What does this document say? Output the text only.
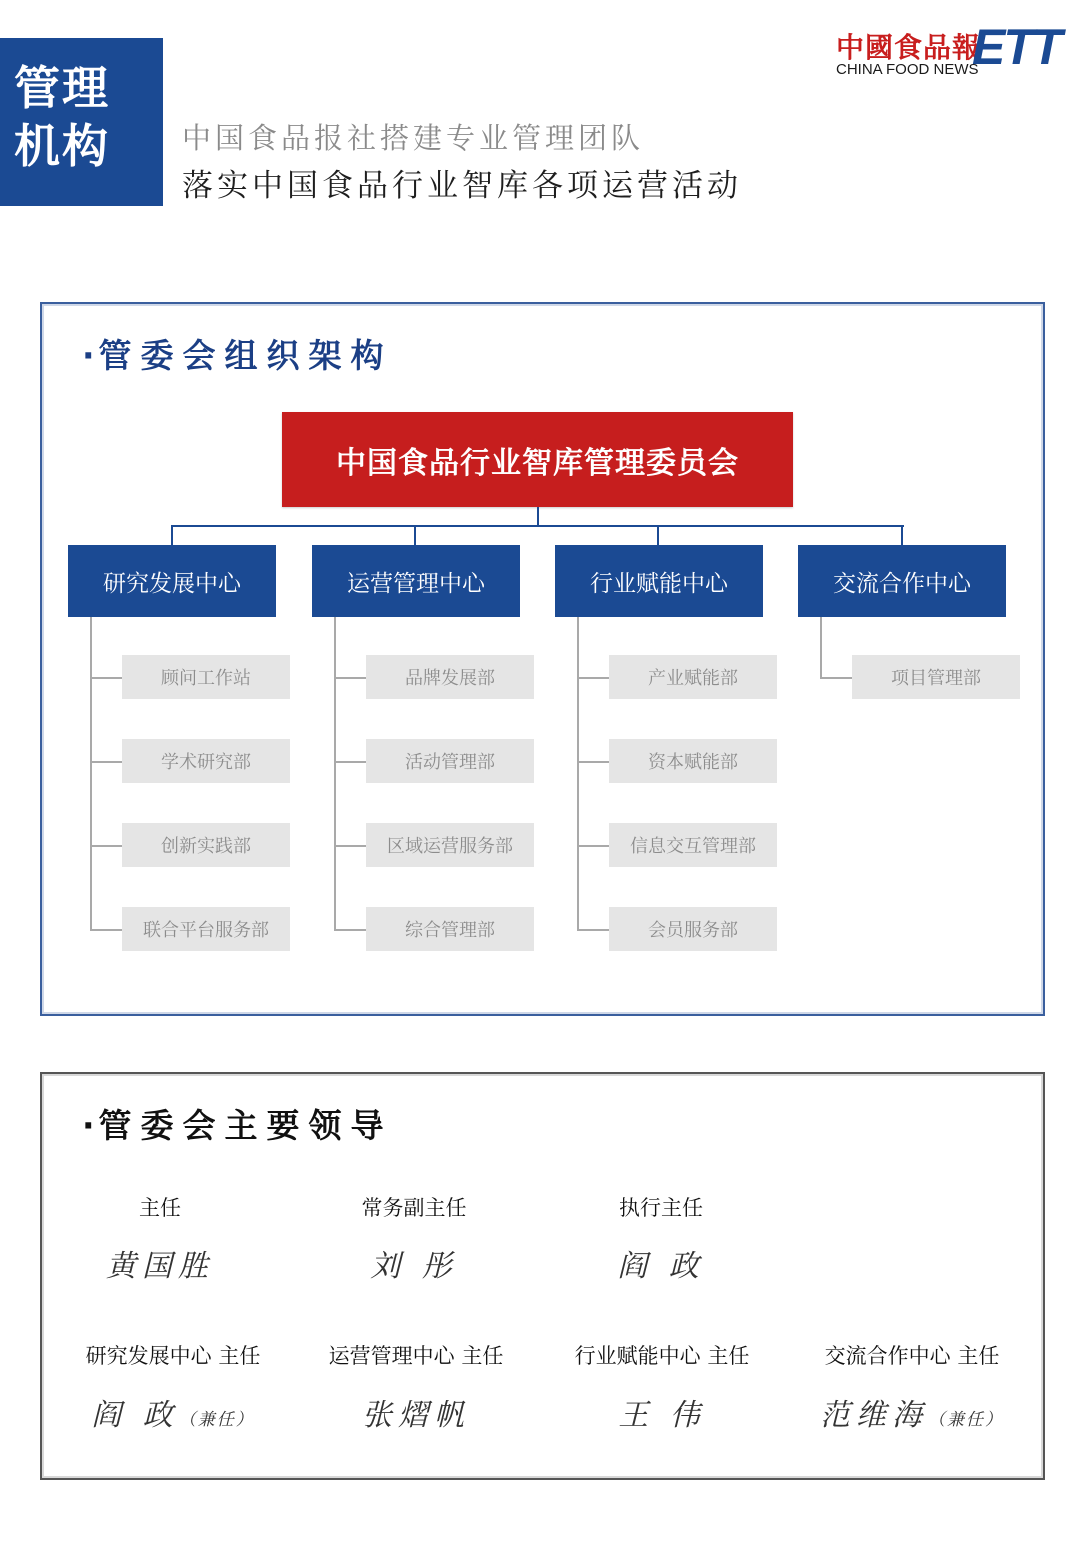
管理
机构	中国食品报社搭建专业管理团队
落实中国食品行业智库各项运营活动
中國食品報
CHINA FOOD NEWS
ETT
·管委会组织架构
中国食品行业智库管理委员会
研究发展中心	运营管理中心	行业赋能中心	交流合作中心
顾问工作站
学术研究部
创新实践部
联合平台服务部
品牌发展部
活动管理部
区域运营服务部
综合管理部
产业赋能部
资本赋能部
信息交互管理部
会员服务部
项目管理部
·管委会主要领导
主任
黄国胜
常务副主任
刘 彤
执行主任
阎 政
研究发展中心 主任
阎 政（兼任）
运营管理中心 主任
张熠帆
行业赋能中心 主任
王 伟
交流合作中心 主任
范维海（兼任）
